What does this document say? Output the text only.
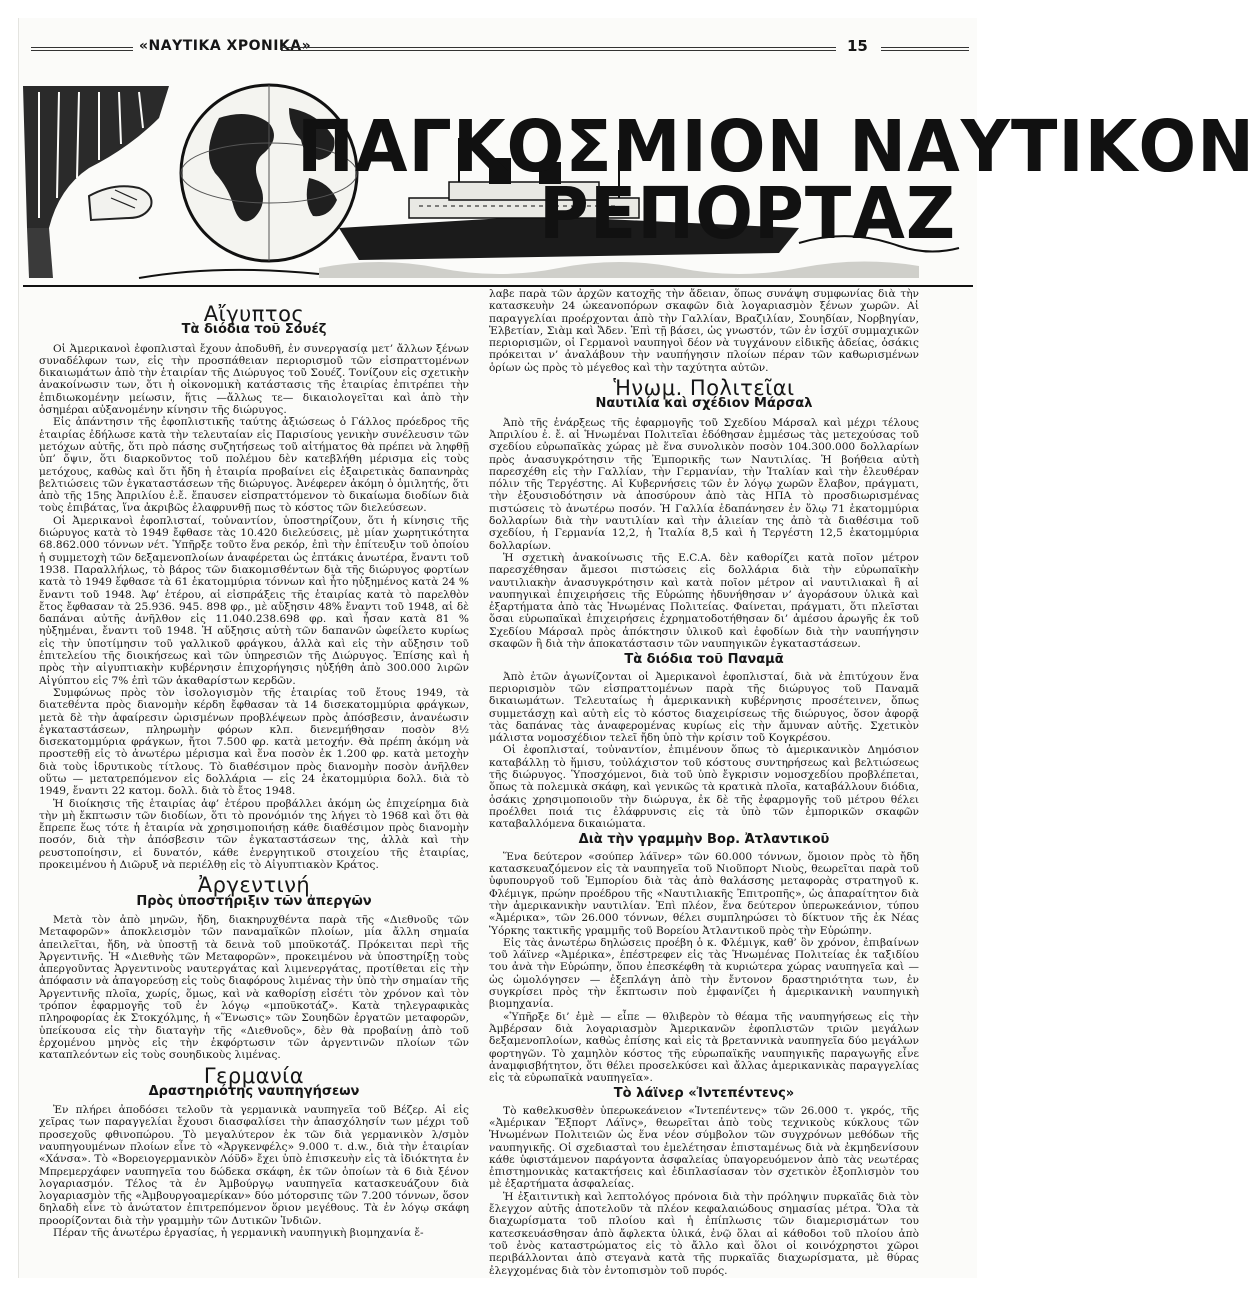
«ΝΑΥΤΙΚΑ ΧΡΟΝΙΚΑ»	15
ΠΑΓΚΟΣΜΙΟΝ ΝΑΥΤΙΚΟΝ
ΡΕΠΟΡΤΑΖ
Αἴγυπτος
Τὰ διόδια τοῦ Σουέζ

Οἱ Ἀμερικανοὶ ἐφοπλισταὶ ἔχουν ἀποδυθῆ, ἐν συνεργασίᾳ μετ’ ἄλλων ξένων συναδέλφων των, εἰς τὴν προσπάθειαν περιορισμοῦ τῶν εἰσπραττομένων δικαιωμάτων ἀπὸ τὴν ἑταιρίαν τῆς Διώρυγος τοῦ Σουέζ. Τονίζουν εἰς σχετικὴν ἀνακοίνωσιν των, ὅτι ἡ οἰκονομικὴ κατάστασις τῆς ἑταιρίας ἐπιτρέπει τὴν ἐπιδιωκομένην μείωσιν, ἥτις —ἄλλως τε— δικαιολογεῖται καὶ ἀπὸ τὴν ὁσημέραι αὐξανομένην κίνησιν τῆς διώρυγος.

Εἰς ἀπάντησιν τῆς ἐφοπλιστικῆς ταύτης ἀξιώσεως ὁ Γάλλος πρόεδρος τῆς ἑταιρίας ἐδήλωσε κατὰ τὴν τελευταίαν εἰς Παρισίους γενικὴν συνέλευσιν τῶν μετόχων αὐτῆς, ὅτι πρὸ πάσης συζητήσεως τοῦ αἰτήματος θὰ πρέπει νὰ ληφθῇ ὑπ’ ὄψιν, ὅτι διαρκοῦντος τοῦ πολέμου δὲν κατεβλήθη μέρισμα εἰς τοὺς μετόχους, καθὼς καὶ ὅτι ἤδη ἡ ἑταιρία προβαίνει εἰς ἐξαιρετικὰς δαπανηρὰς βελτιώσεις τῶν ἐγκαταστάσεων τῆς διώρυγος. Ἀνέφερεν ἀκόμη ὁ ὁμιλητής, ὅτι ἀπὸ τῆς 15ης Ἀπριλίου ἐ.ἔ. ἔπαυσεν εἰσπραττόμενον τὸ δικαίωμα διοδίων διὰ τοὺς ἐπιβάτας, ἵνα ἀκριβῶς ἐλαφρυνθῇ πως τὸ κόστος τῶν διελεύσεων.

Οἱ Ἀμερικανοὶ ἐφοπλισταί, τοὐναντίον, ὑποστηρίζουν, ὅτι ἡ κίνησις τῆς διώρυγος κατὰ τὸ 1949 ἔφθασε τὰς 10.420 διελεύσεις, μὲ μίαν χωρητικότητα 68.862.000 τόννων νέτ. Ὑπῆρξε τοῦτο ἕνα ρεκόρ, ἐπὶ τὴν ἐπίτευξιν τοῦ ὁποίου ἡ συμμετοχὴ τῶν δεξαμενοπλοίων ἀναφέρεται ὡς ἐπτάκις ἀνωτέρα, ἔναντι τοῦ 1938. Παραλλήλως, τὸ βάρος τῶν διακομισθέντων διὰ τῆς διώρυγος φορτίων κατὰ τὸ 1949 ἔφθασε τὰ 61 ἑκατομμύρια τόννων καὶ ἦτο ηὐξημένος κατὰ 24 % ἔναντι τοῦ 1948. Ἀφ’ ἑτέρου, αἱ εἰσπράξεις τῆς ἑταιρίας κατὰ τὸ παρελθὸν ἔτος ἔφθασαν τὰ 25.936. 945. 898 φρ., μὲ αὔξησιν 48% ἔναντι τοῦ 1948, αἱ δὲ δαπάναι αὐτῆς ἀνῆλθον εἰς 11.040.238.698 φρ. καὶ ἦσαν κατὰ 81 % ηὐξημέναι, ἔναντι τοῦ 1948. Ἡ αὔξησις αὐτὴ τῶν δαπανῶν ὠφείλετο κυρίως εἰς τὴν ὑποτίμησιν τοῦ γαλλικοῦ φράγκου, ἀλλὰ καὶ εἰς τὴν αὔξησιν τοῦ ἐπιτελείου τῆς διοικήσεως καὶ τῶν ὑπηρεσιῶν τῆς Διώρυγος. Ἐπίσης καὶ ἡ πρὸς τὴν αἰγυπτιακὴν κυβέρνησιν ἐπιχορήγησις ηὐξήθη ἀπὸ 300.000 λιρῶν Αἰγύπτου εἰς 7% ἐπὶ τῶν ἀκαθαρίστων κερδῶν.

Συμφώνως πρὸς τὸν ἰσολογισμὸν τῆς ἑταιρίας τοῦ ἔτους 1949, τὰ διατεθέντα πρὸς διανομὴν κέρδη ἔφθασαν τὰ 14 δισεκατομμύρια φράγκων, μετὰ δὲ τὴν ἀφαίρεσιν ὡρισμένων προβλέψεων πρὸς ἀπόσβεσιν, ἀνανέωσιν ἐγκαταστάσεων, πληρωμὴν φόρων κλπ. διενεμήθησαν ποσὸν 8½ δισεκατομμύρια φράγκων, ἤτοι 7.500 φρ. κατὰ μετοχήν. Θὰ πρέπη ἀκόμη νὰ προστεθῇ εἰς τὸ ἀνωτέρω μέρισμα καὶ ἕνα ποσὸν ἐκ 1.200 φρ. κατὰ μετοχὴν διὰ τοὺς ἰδρυτικοὺς τίτλους. Τὸ διαθέσιμον πρὸς διανομὴν ποσὸν ἀνῆλθεν οὕτω — μετατρεπόμενον εἰς δολλάρια — εἰς 24 ἑκατομμύρια δολλ. διὰ τὸ 1949, ἔναντι 22 κατομ. δολλ. διὰ τὸ ἔτος 1948.

Ἡ διοίκησις τῆς ἑταιρίας ἀφ’ ἑτέρου προβάλλει ἀκόμη ὡς ἐπιχείρημα διὰ τὴν μὴ ἔκπτωσιν τῶν διοδίων, ὅτι τὸ προνόμιόν της λήγει τὸ 1968 καὶ ὅτι θὰ ἔπρεπε ἕως τότε ἡ ἑταιρία νὰ χρησιμοποιήσῃ κάθε διαθέσιμον πρὸς διανομὴν ποσόν, διὰ τὴν ἀπόσβεσιν τῶν ἐγκαταστάσεων της, ἀλλὰ καὶ τὴν ρευστοποίησιν, εἰ δυνατόν, κάθε ἐνεργητικοῦ στοιχείου τῆς ἑταιρίας, προκειμένου ἡ Διῶρυξ νὰ περιέλθῃ εἰς τὸ Αἰγυπτιακὸν Κράτος.

Ἀργεντινή
Πρὸς ὑποστήριξιν τῶν ἀπεργῶν

Μετὰ τὸν ἀπὸ μηνῶν, ἤδη, διακηρυχθέντα παρὰ τῆς «Διεθνοῦς τῶν Μεταφορῶν» ἀποκλεισμὸν τῶν παναμαϊκῶν πλοίων, μία ἄλλη σημαία ἀπειλεῖται, ἤδη, νὰ ὑποστῇ τὰ δεινὰ τοῦ μποϋκοτάζ. Πρόκειται περὶ τῆς Ἀργεντινῆς. Ἡ «Διεθνὴς τῶν Μεταφορῶν», προκειμένου νὰ ὑποστηρίξῃ τοὺς ἀπεργοῦντας Ἀργεντινοὺς ναυτεργάτας καὶ λιμενεργάτας, προτίθεται εἰς τὴν ἀπόφασιν νὰ ἀπαγορεύσῃ εἰς τοὺς διαφόρους λιμένας τὴν ὑπὸ τὴν σημαίαν τῆς Ἀργεντινῆς πλοῖα, χωρίς, ὅμως, καὶ νὰ καθορίσῃ εἰσέτι τὸν χρόνον καὶ τὸν τρόπον ἐφαρμογῆς τοῦ ἐν λόγῳ «μποϋκοτάζ». Κατὰ τηλεγραφικὰς πληροφορίας ἐκ Στοκχόλμης, ἡ «Ἕνωσις» τῶν Σουηδῶν ἐργατῶν μεταφορῶν, ὑπείκουσα εἰς τὴν διαταγὴν τῆς «Διεθνοῦς», δὲν θὰ προβαίνῃ ἀπὸ τοῦ ἐρχομένου μηνὸς εἰς τὴν ἐκφόρτωσιν τῶν ἀργεντινῶν πλοίων τῶν καταπλεόντων εἰς τοὺς σουηδικοὺς λιμένας.

Γερμανία
Δραστηριότης ναυπηγήσεων

Ἐν πλήρει ἀποδόσει τελοῦν τὰ γερμανικὰ ναυπηγεῖα τοῦ Βέζερ. Αἱ εἰς χεῖρας των παραγγελίαι ἔχουσι διασφαλίσει τὴν ἀπασχόλησίν των μέχρι τοῦ προσεχοῦς φθινοπώρου. Τὸ μεγαλύτερον ἐκ τῶν διὰ γερμανικὸν λ/σμὸν ναυπηγουμένων πλοίων εἶνε τὸ «Ἀργκενφέλς» 9.000 τ. d.w., διὰ τὴν ἑταιρίαν «Χάνσα». Τὸ «Βορειογερμανικὸν Λόϋδ» ἔχει ὑπὸ ἐπισκευὴν εἰς τὰ ἰδιόκτητα ἐν Μπρεμερχάφεν ναυπηγεῖα του δώδεκα σκάφη, ἐκ τῶν ὁποίων τὰ 6 διὰ ξένον λογαριασμόν. Τέλος τὰ ἐν Ἀμβούργῳ ναυπηγεῖα κατασκευάζουν διὰ λογαριασμὸν τῆς «Ἀμβουργοαμερίκαν» δύο μότορσιπς τῶν 7.200 τόννων, ὅσον δηλαδὴ εἶνε τὸ ἀνώτατον ἐπιτρεπόμενον ὅριον μεγέθους. Τὰ ἐν λόγῳ σκάφη προορίζονται διὰ τὴν γραμμὴν τῶν Δυτικῶν Ἰνδιῶν.

Πέραν τῆς ἀνωτέρω ἐργασίας, ἡ γερμανικὴ ναυπηγικὴ βιομηχανία ἔ-

λαβε παρὰ τῶν ἀρχῶν κατοχῆς τὴν ἄδειαν, ὅπως συνάψη συμφωνίας διὰ τὴν κατασκευὴν 24 ὠκεανοπόρων σκαφῶν διὰ λογαριασμὸν ξένων χωρῶν. Αἱ παραγγελίαι προέρχονται ἀπὸ τὴν Γαλλίαν, Βραζιλίαν, Σουηδίαν, Νορβηγίαν, Ἑλβετίαν, Σιὰμ καὶ Ἄδεν. Ἐπὶ τῇ βάσει, ὡς γνωστόν, τῶν ἐν ἰσχύϊ συμμαχικῶν περιορισμῶν, οἱ Γερμανοὶ ναυπηγοὶ δέον νὰ τυγχάνουν εἰδικῆς ἀδείας, ὁσάκις πρόκειται ν’ ἀναλάβουν τὴν ναυπήγησιν πλοίων πέραν τῶν καθωρισμένων ὁρίων ὡς πρὸς τὸ μέγεθος καὶ τὴν ταχύτητα αὐτῶν.

Ἡνωμ. Πολιτεῖαι
Ναυτιλία καὶ σχέδιον Μάρσαλ

Ἀπὸ τῆς ἐνάρξεως τῆς ἐφαρμογῆς τοῦ Σχεδίου Μάρσαλ καὶ μέχρι τέλους Ἀπριλίου ἐ. ἔ. αἱ Ἡνωμέναι Πολιτεῖαι ἐδόθησαν ἐμμέσως τὰς μετεχούσας τοῦ σχεδίου εὐρωπαϊκὰς χώρας μὲ ἕνα συνολικὸν ποσὸν 104.300.000 δολλαρίων πρὸς ἀνασυγκρότησιν τῆς Ἐμπορικῆς των Ναυτιλίας. Ἡ βοήθεια αὐτὴ παρεσχέθη εἰς τὴν Γαλλίαν, τὴν Γερμανίαν, τὴν Ἰταλίαν καὶ τὴν ἐλευθέραν πόλιν τῆς Τεργέστης. Αἱ Κυβερνήσεις τῶν ἐν λόγῳ χωρῶν ἔλαβον, πράγματι, τὴν ἐξουσιοδότησιν νὰ ἀποσύρουν ἀπὸ τὰς ΗΠΑ τὸ προσδιωρισμένας πιστώσεις τὸ ἀνωτέρω ποσόν. Ἡ Γαλλία ἐδαπάνησεν ἐν ὅλῳ 71 ἑκατομμύρια δολλαρίων διὰ τὴν ναυτιλίαν καὶ τὴν ἁλιείαν της ἀπὸ τὰ διαθέσιμα τοῦ σχεδίου, ἡ Γερμανία 12,2, ἡ Ἰταλία 8,5 καὶ ἡ Τεργέστη 12,5 ἑκατομμύρια δολλαρίων.

Ἡ σχετικὴ ἀνακοίνωσις τῆς E.C.A. δὲν καθορίζει κατὰ ποῖον μέτρον παρεσχέθησαν ἄμεσοι πιστώσεις εἰς δολλάρια διὰ τὴν εὐρωπαϊκὴν ναυτιλιακὴν ἀνασυγκρότησιν καὶ κατὰ ποῖον μέτρον αἱ ναυτιλιακαὶ ἢ αἱ ναυπηγικαὶ ἐπιχειρήσεις τῆς Εὐρώπης ἠδυνήθησαν ν’ ἀγοράσουν ὑλικὰ καὶ ἐξαρτήματα ἀπὸ τὰς Ἡνωμένας Πολιτείας. Φαίνεται, πράγματι, ὅτι πλεῖσται ὅσαι εὐρωπαϊκαὶ ἐπιχειρήσεις ἐχρηματοδοτήθησαν δι’ ἀμέσου ἀρωγῆς ἐκ τοῦ Σχεδίου Μάρσαλ πρὸς ἀπόκτησιν ὑλικοῦ καὶ ἐφοδίων διὰ τὴν ναυπήγησιν σκαφῶν ἢ διὰ τὴν ἀποκατάστασιν τῶν ναυπηγικῶν ἐγκαταστάσεων.

Τὰ διόδια τοῦ Παναμᾶ

Ἀπὸ ἐτῶν ἀγωνίζονται οἱ Ἀμερικανοὶ ἐφοπλισταί, διὰ νὰ ἐπιτύχουν ἕνα περιορισμὸν τῶν εἰσπραττομένων παρὰ τῆς διώρυγος τοῦ Παναμᾶ δικαιωμάτων. Τελευταίως ἡ ἀμερικανικὴ κυβέρνησις προσέτεινεν, ὅπως συμμετάσχῃ καὶ αὐτὴ εἰς τὸ κόστος διαχειρίσεως τῆς διώρυγος, ὅσον ἀφορᾷ τὰς δαπάνας τὰς ἀναφερομένας κυρίως εἰς τὴν ἄμυναν αὐτῆς. Σχετικὸν μάλιστα νομοσχέδιον τελεῖ ἤδη ὑπὸ τὴν κρίσιν τοῦ Κογκρέσου.

Οἱ ἐφοπλισταί, τοὐναντίον, ἐπιμένουν ὅπως τὸ ἀμερικανικὸν Δημόσιον καταβάλλῃ τὸ ἥμισυ, τοὐλάχιστον τοῦ κόστους συντηρήσεως καὶ βελτιώσεως τῆς διώρυγος. Ὑποσχόμενοι, διὰ τοῦ ὑπὸ ἔγκρισιν νομοσχεδίου προβλέπεται, ὅπως τὰ πολεμικὰ σκάφη, καὶ γενικῶς τὰ κρατικὰ πλοῖα, καταβάλλουν διόδια, ὁσάκις χρησιμοποιοῦν τὴν διώρυγα, ἐκ δὲ τῆς ἐφαρμογῆς τοῦ μέτρου θέλει προέλθει ποιά τις ἐλάφρυνσις εἰς τὰ ὑπὸ τῶν ἐμπορικῶν σκαφῶν καταβαλλόμενα δικαιώματα.

Διὰ τὴν γραμμὴν Βορ. Ἀτλαντικοῦ

Ἕνα δεύτερον «σούπερ λάϊνερ» τῶν 60.000 τόννων, ὅμοιον πρὸς τὸ ἤδη κατασκευαζόμενον εἰς τὰ ναυπηγεῖα τοῦ Νιοῦπορτ Νιοὺς, θεωρεῖται παρὰ τοῦ ὑφυπουργοῦ τοῦ Ἐμπορίου διὰ τὰς ἀπὸ θαλάσσης μεταφορὰς στρατηγοῦ κ. Φλέμιγκ, πρώην προέδρου τῆς «Ναυτιλιακῆς Ἐπιτροπῆς», ὡς ἀπαραίτητον διὰ τὴν ἀμερικανικὴν ναυτιλίαν. Ἐπὶ πλέον, ἕνα δεύτερον ὑπερωκεάνιον, τύπου «Ἀμέρικα», τῶν 26.000 τόννων, θέλει συμπληρώσει τὸ δίκτυον τῆς ἐκ Νέας Ὑόρκης τακτικῆς γραμμῆς τοῦ Βορείου Ἀτλαντικοῦ πρὸς τὴν Εὐρώπην.

Εἰς τὰς ἀνωτέρω δηλώσεις προέβη ὁ κ. Φλέμιγκ, καθ’ ὃν χρόνον, ἐπιβαίνων τοῦ λάϊνερ «Ἀμέρικα», ἐπέστρεφεν εἰς τὰς Ἡνωμένας Πολιτείας ἐκ ταξιδίου του ἀνὰ τὴν Εὐρώπην, ὅπου ἐπεσκέφθη τὰ κυριώτερα χώρας ναυπηγεῖα καὶ — ὡς ὡμολόγησεν — ἐξεπλάγη ἀπὸ τὴν ἔντονον δραστηριότητα των, ἐν συγκρίσει πρὸς τὴν ἔκπτωσιν ποὺ ἐμφανίζει ἡ ἀμερικανικὴ ναυπηγικὴ βιομηχανία.

«Ὑπῆρξε δι’ ἐμὲ — εἶπε — θλιβερὸν τὸ θέαμα τῆς ναυπηγήσεως εἰς τὴν Ἀμβέρσαν διὰ λογαριασμὸν Ἀμερικανῶν ἐφοπλιστῶν τριῶν μεγάλων δεξαμενοπλοίων, καθὼς ἐπίσης καὶ εἰς τὰ βρεταννικὰ ναυπηγεῖα δύο μεγάλων φορτηγῶν. Τὸ χαμηλὸν κόστος τῆς εὐρωπαϊκῆς ναυπηγικῆς παραγωγῆς εἶνε ἀναμφισβήτητον, ὅτι θέλει προσελκύσει καὶ ἄλλας ἀμερικανικὰς παραγγελίας εἰς τὰ εὐρωπαϊκὰ ναυπηγεῖα».

Τὸ λάϊνερ «Ἰντεπέντενς»

Τὸ καθελκυσθὲν ὑπερωκεάνειον «Ἰντεπέντενς» τῶν 26.000 τ. γκρός, τῆς «Ἀμέρικαν Ἔξπορτ Λάϊνς», θεωρεῖται ἀπὸ τοὺς τεχνικοὺς κύκλους τῶν Ἡνωμένων Πολιτειῶν ὡς ἕνα νέον σύμβολον τῶν συγχρόνων μεθόδων τῆς ναυπηγικῆς. Οἱ σχεδιασταὶ του ἐμελέτησαν ἐπισταμένως διὰ νὰ ἐκμηδενίσουν κάθε ὑφιστάμενον παράγοντα ἀσφαλείας ὑπαγορευόμενον ἀπὸ τὰς νεωτέρας ἐπιστημονικὰς κατακτήσεις καὶ ἐδιπλασίασαν τὸν σχετικὸν ἐξοπλισμὸν του μὲ ἐξαρτήματα ἀσφαλείας.

Ἡ ἐξαιτιντικὴ καὶ λεπτολόγος πρόνοια διὰ τὴν πρόληψιν πυρκαϊᾶς διὰ τὸν ἔλεγχον αὐτῆς ἀποτελοῦν τὰ πλέον κεφαλαιώδους σημασίας μέτρα. Ὅλα τὰ διαχωρίσματα τοῦ πλοίου καὶ ἡ ἐπίπλωσις τῶν διαμερισμάτων του κατεσκευάσθησαν ἀπὸ ἄφλεκτα ὑλικά, ἐνῷ ὅλαι αἱ κάθοδοι τοῦ πλοίου ἀπὸ τοῦ ἑνὸς καταστρώματος εἰς τὸ ἄλλο καὶ ὅλοι οἱ κοινόχρηστοι χῶροι περιβάλλονται ἀπὸ στεγανὰ κατὰ τῆς πυρκαϊᾶς διαχωρίσματα, μὲ θύρας ἐλεγχομένας διὰ τὸν ἐντοπισμὸν τοῦ πυρός.
